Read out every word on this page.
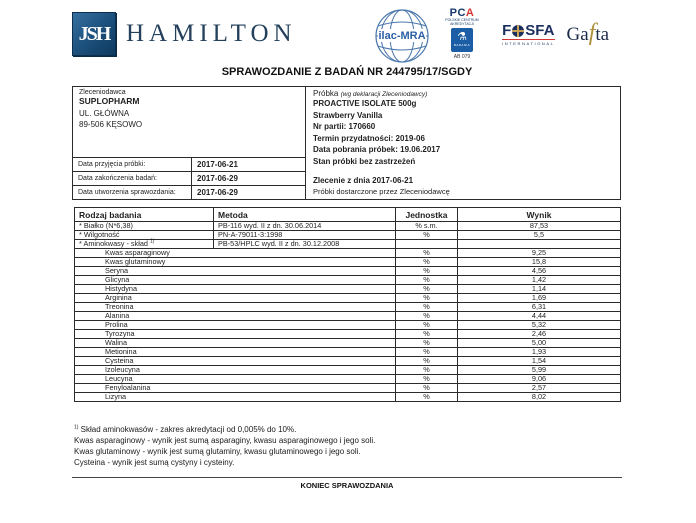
JSH HAMILTON	ilac-MRA
PCA
POLSKIE CENTRUM AKREDYTACJI
⚗
BADANIA
AB 079
F SFA
INTERNATIONAL Gafta
SPRAWOZDANIE Z BADAŃ NR 244795/17/SGDY
Zleceniodawca
SUPLOPHARM
UL. GŁÓWNA
89-506 KĘSOWO
Data przyjęcia próbki:	2017-06-21
Data zakończenia badań:	2017-06-29
Data utworzenia sprawozdania:	2017-06-29
Próbka (wg deklaracji Zleceniodawcy)
PROACTIVE ISOLATE 500g
Strawberry Vanilla
Nr partii: 170660
Termin przydatności: 2019-06
Data pobrania próbek: 19.06.2017
Stan próbki bez zastrzeżeń
Zlecenie z dnia 2017-06-21
Próbki dostarczone przez Zleceniodawcę
Rodzaj badania	Metoda	Jednostka	Wynik
* Białko (N*6,38)	PB-116 wyd. II z dn. 30.06.2014	% s.m.	87,53
* Wilgotność	PN-A-79011-3:1998	%	5,5
* Aminokwasy - skład $^{1)}$	PB-53/HPLC wyd. II z dn. 30.12.2008		
Kwas asparaginowy		%	9,25
Kwas glutaminowy		%	15,8
Seryna		%	4,56
Glicyna		%	1,42
Histydyna		%	1,14
Arginina		%	1,69
Treonina		%	6,31
Alanina		%	4,44
Prolina		%	5,32
Tyrozyna		%	2,46
Walina		%	5,00
Metionina		%	1,93
Cysteina		%	1,54
Izoleucyna		%	5,99
Leucyna		%	9,06
Fenyloalanina		%	2,57
Lizyna		%	8,02
$^{1)}$ Skład aminokwasów - zakres akredytacji od 0,005% do 10%.
Kwas asparaginowy - wynik jest sumą asparaginy, kwasu asparaginowego i jego soli.
Kwas glutaminowy - wynik jest sumą glutaminy, kwasu glutaminowego i jego soli.
Cysteina - wynik jest sumą cystyny i cysteiny.
KONIEC SPRAWOZDANIA
